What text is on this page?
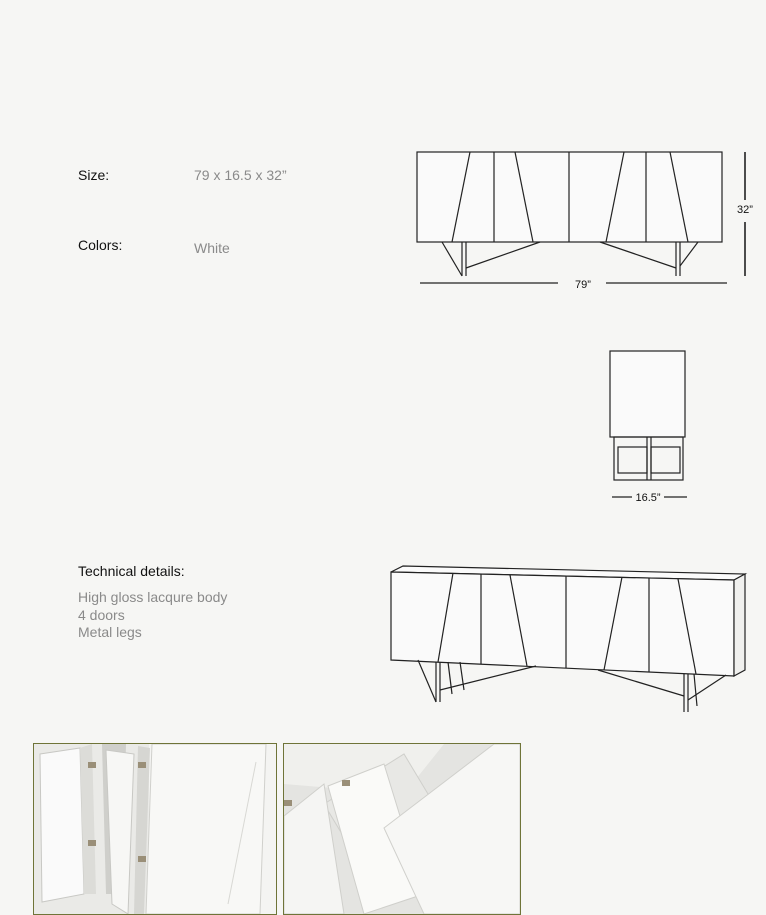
Size:	79 x 16.5 x 32”
Colors:	White
79”
32”
16.5”
Technical details:
High gloss lacqure body
4 doors
Metal legs
